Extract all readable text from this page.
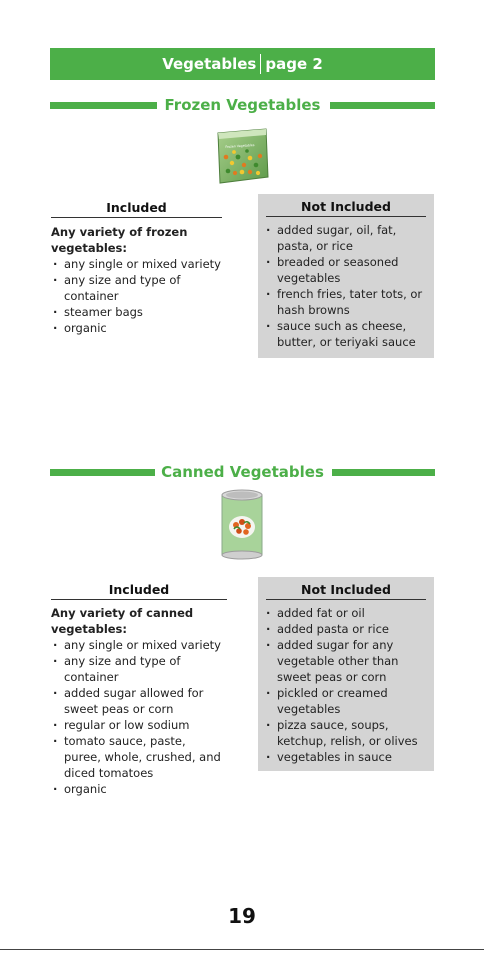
Vegetables page 2
Frozen Vegetables
Frozen Vegetables
Included
Any variety of frozen vegetables:
· any single or mixed variety
· any size and type of container
· steamer bags
· organic
Not Included
· added sugar, oil, fat, pasta, or rice
· breaded or seasoned vegetables
· french fries, tater tots, or hash browns
· sauce such as cheese, butter, or teriyaki sauce
Canned Vegetables
Included
Any variety of canned vegetables:
· any single or mixed variety
· any size and type of container
· added sugar allowed for sweet peas or corn
· regular or low sodium
· tomato sauce, paste, puree, whole, crushed, and diced tomatoes
· organic
Not Included
· added fat or oil
· added pasta or rice
· added sugar for any vegetable other than sweet peas or corn
· pickled or creamed vegetables
· pizza sauce, soups, ketchup, relish, or olives
· vegetables in sauce
19
